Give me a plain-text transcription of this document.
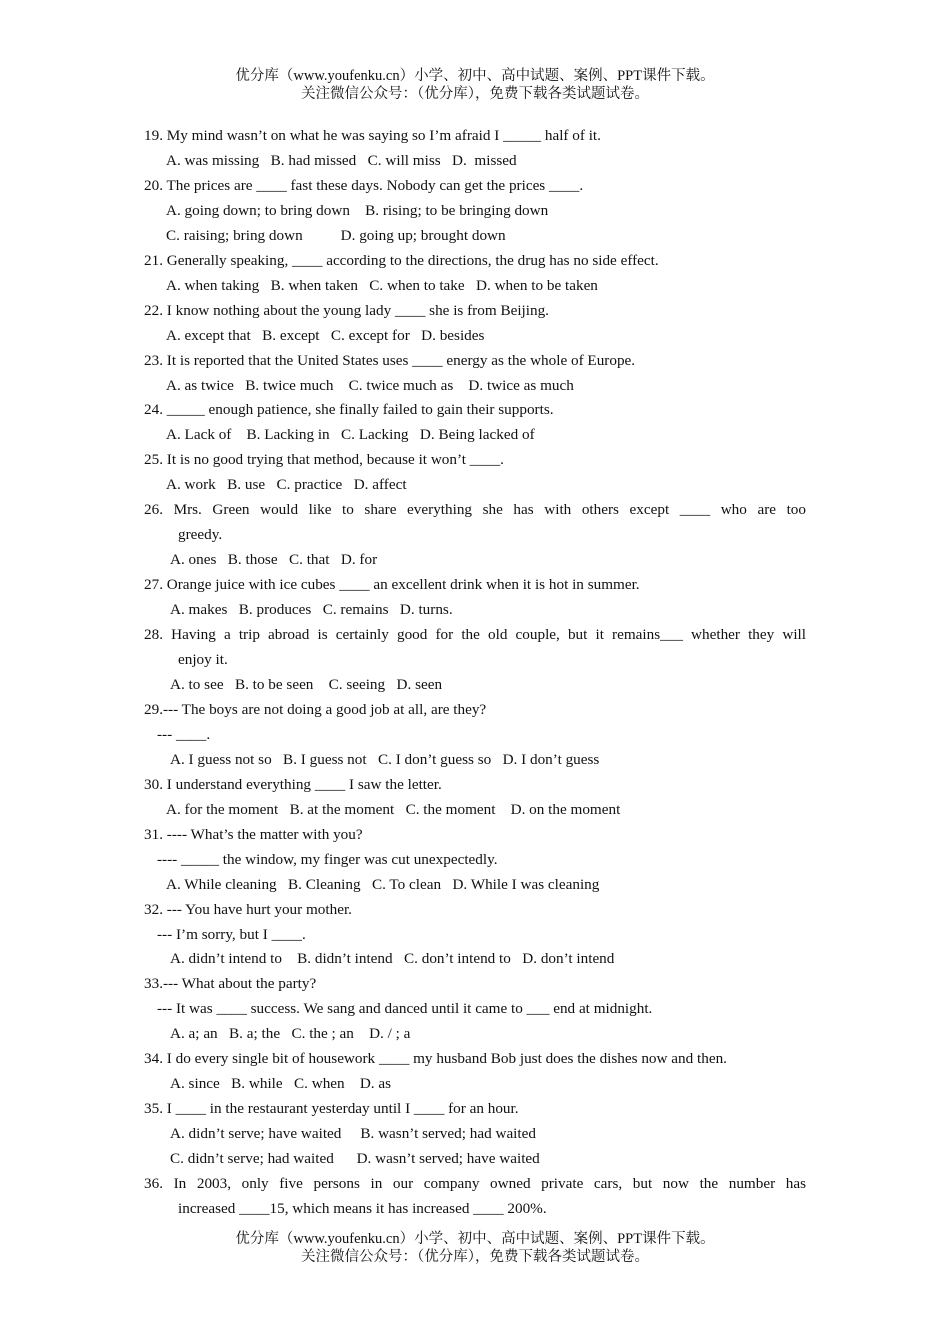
优分库（www.youfenku.cn）小学、初中、高中试题、案例、PPT课件下载。
关注微信公众号：（优分库），免费下载各类试题试卷。
19. My mind wasn’t on what he was saying so I’m afraid I _____ half of it.
A. was missing   B. had missed   C. will miss   D.  missed
20. The prices are ____ fast these days. Nobody can get the prices ____.
A. going down; to bring down    B. rising; to be bringing down
C. raising; bring down          D. going up; brought down
21. Generally speaking, ____ according to the directions, the drug has no side effect.
A. when taking   B. when taken   C. when to take   D. when to be taken
22. I know nothing about the young lady ____ she is from Beijing.
A. except that   B. except   C. except for   D. besides
23. It is reported that the United States uses ____ energy as the whole of Europe.
A. as twice   B. twice much    C. twice much as    D. twice as much
24. _____ enough patience, she finally failed to gain their supports.
A. Lack of    B. Lacking in   C. Lacking   D. Being lacked of
25. It is no good trying that method, because it won’t ____.
A. work   B. use   C. practice   D. affect
26. Mrs. Green would like to share everything she has with others except ____ who are too
greedy.
A. ones   B. those   C. that   D. for
27. Orange juice with ice cubes ____ an excellent drink when it is hot in summer.
A. makes   B. produces   C. remains   D. turns.
28. Having a trip abroad is certainly good for the old couple, but it remains___ whether they will
enjoy it.
A. to see   B. to be seen    C. seeing   D. seen
29.--- The boys are not doing a good job at all, are they?
--- ____.
A. I guess not so   B. I guess not   C. I don’t guess so   D. I don’t guess
30. I understand everything ____ I saw the letter.
A. for the moment   B. at the moment   C. the moment    D. on the moment
31. ---- What’s the matter with you?
---- _____ the window, my finger was cut unexpectedly.
A. While cleaning   B. Cleaning   C. To clean   D. While I was cleaning
32. --- You have hurt your mother.
--- I’m sorry, but I ____.
A. didn’t intend to    B. didn’t intend   C. don’t intend to   D. don’t intend
33.--- What about the party?
--- It was ____ success. We sang and danced until it came to ___ end at midnight.
A. a; an   B. a; the   C. the ; an    D. / ; a
34. I do every single bit of housework ____ my husband Bob just does the dishes now and then.
A. since   B. while   C. when    D. as
35. I ____ in the restaurant yesterday until I ____ for an hour.
A. didn’t serve; have waited     B. wasn’t served; had waited
C. didn’t serve; had waited      D. wasn’t served; have waited
36. In 2003, only five persons in our company owned private cars, but now the number has
increased ____15, which means it has increased ____ 200%.
优分库（www.youfenku.cn）小学、初中、高中试题、案例、PPT课件下载。
关注微信公众号：（优分库），免费下载各类试题试卷。
